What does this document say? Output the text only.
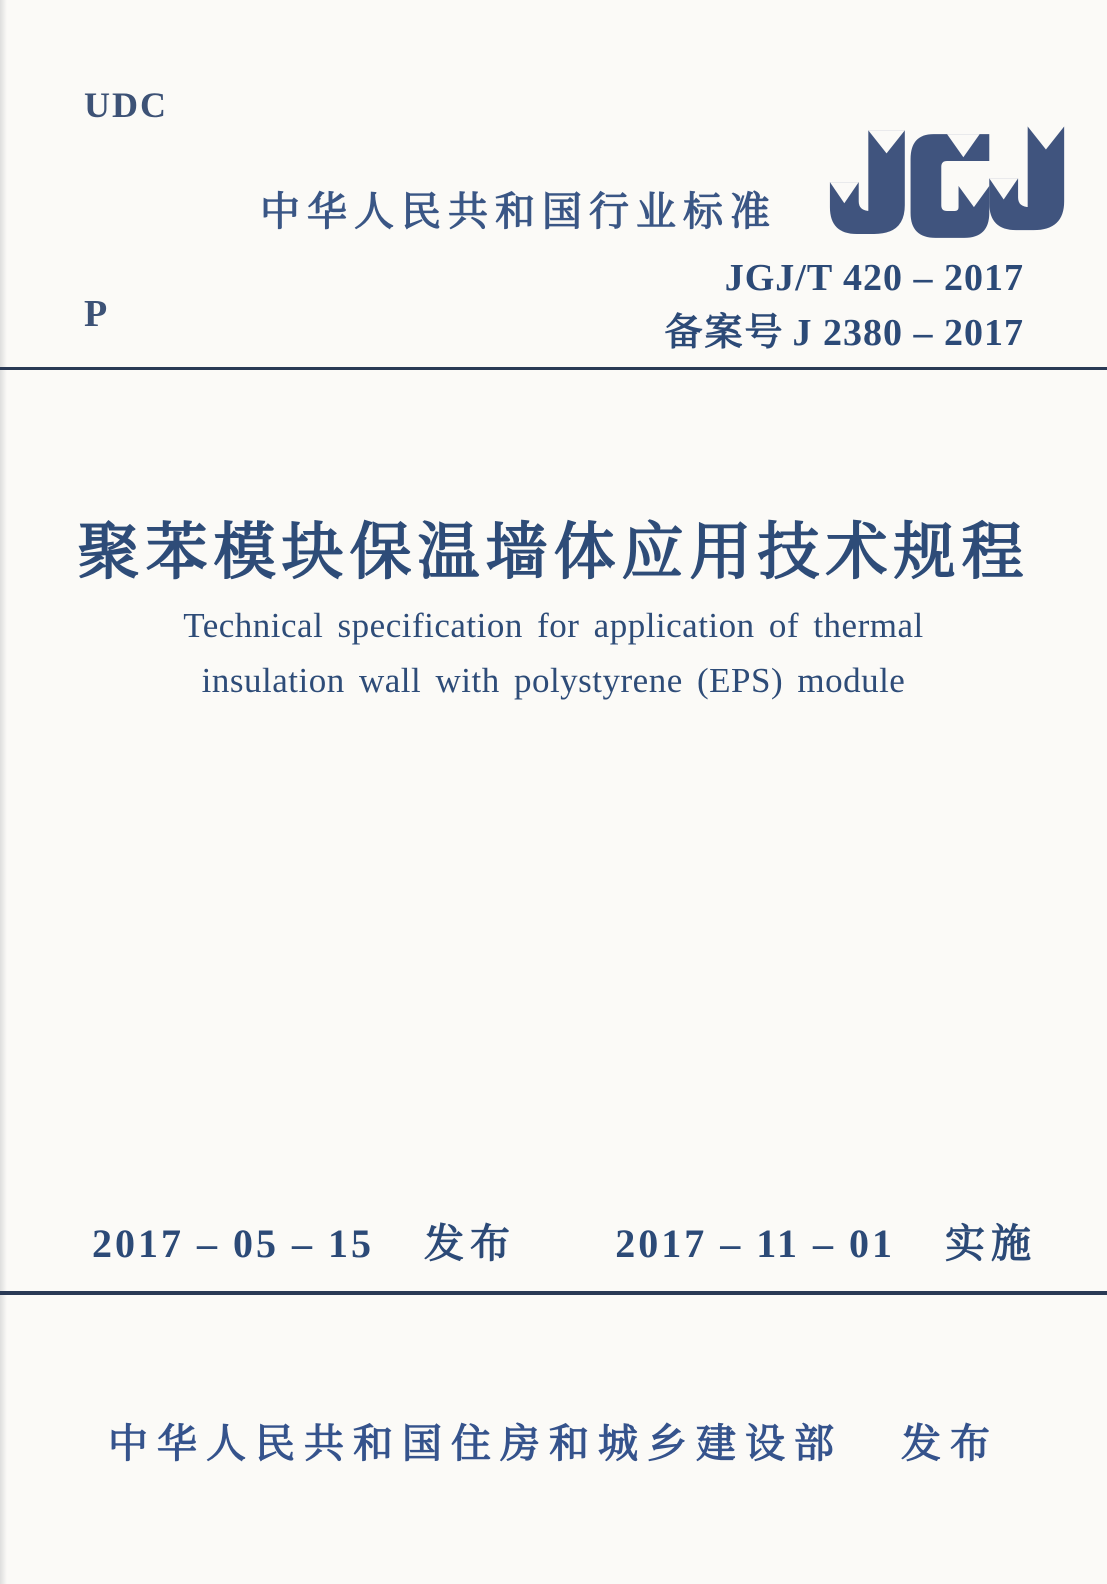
UDC
中华人民共和国行业标准
JGJ/T 420 – 2017
备案号 J 2380 – 2017
P
聚苯模块保温墙体应用技术规程
Technical specification for application of thermal
insulation wall with polystyrene (EPS) module
2017 – 05 – 15 发布 2017 – 11 – 01 实施
中华人民共和国住房和城乡建设部 发布
